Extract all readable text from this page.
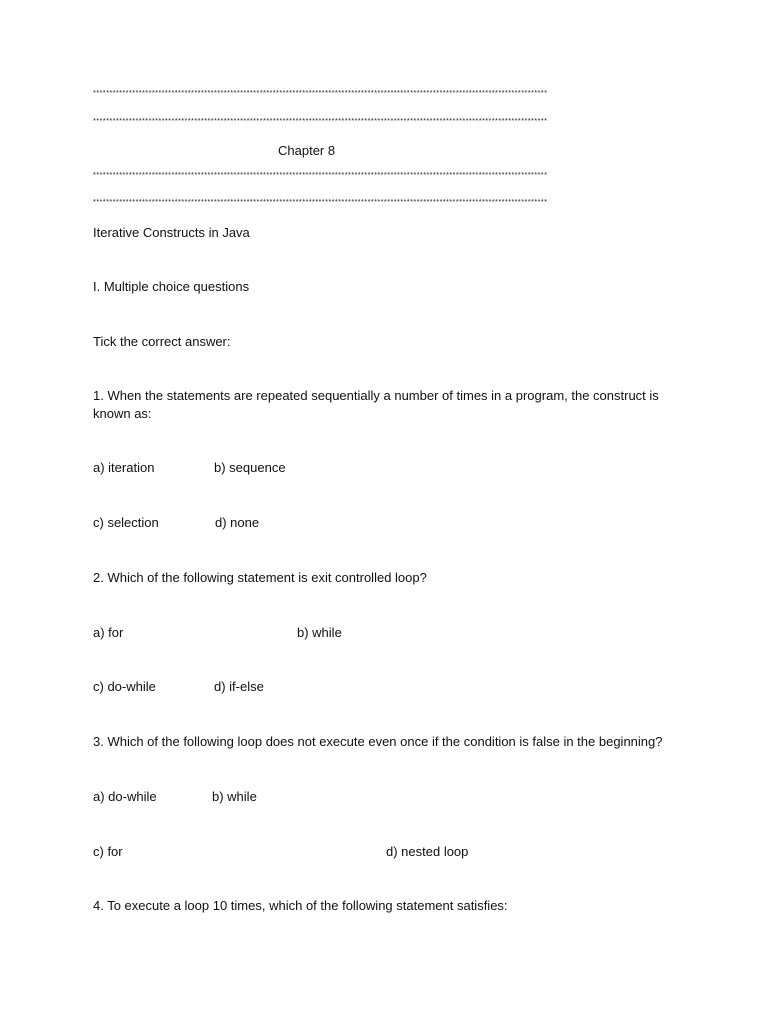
*******************************************************************************************************************************************
*******************************************************************************************************************************************
Chapter 8
*******************************************************************************************************************************************
*******************************************************************************************************************************************
Iterative Constructs in Java
I. Multiple choice questions
Tick the correct answer:
1. When the statements are repeated sequentially a number of times in a program, the construct is known as:
a) iteration	b) sequence
c) selection	d) none
2. Which of the following statement is exit controlled loop?
a) for	b) while
c) do-while	d) if-else
3. Which of the following loop does not execute even once if the condition is false in the beginning?
a) do-while	b) while
c) for	d) nested loop
4. To execute a loop 10 times, which of the following statement satisfies:
